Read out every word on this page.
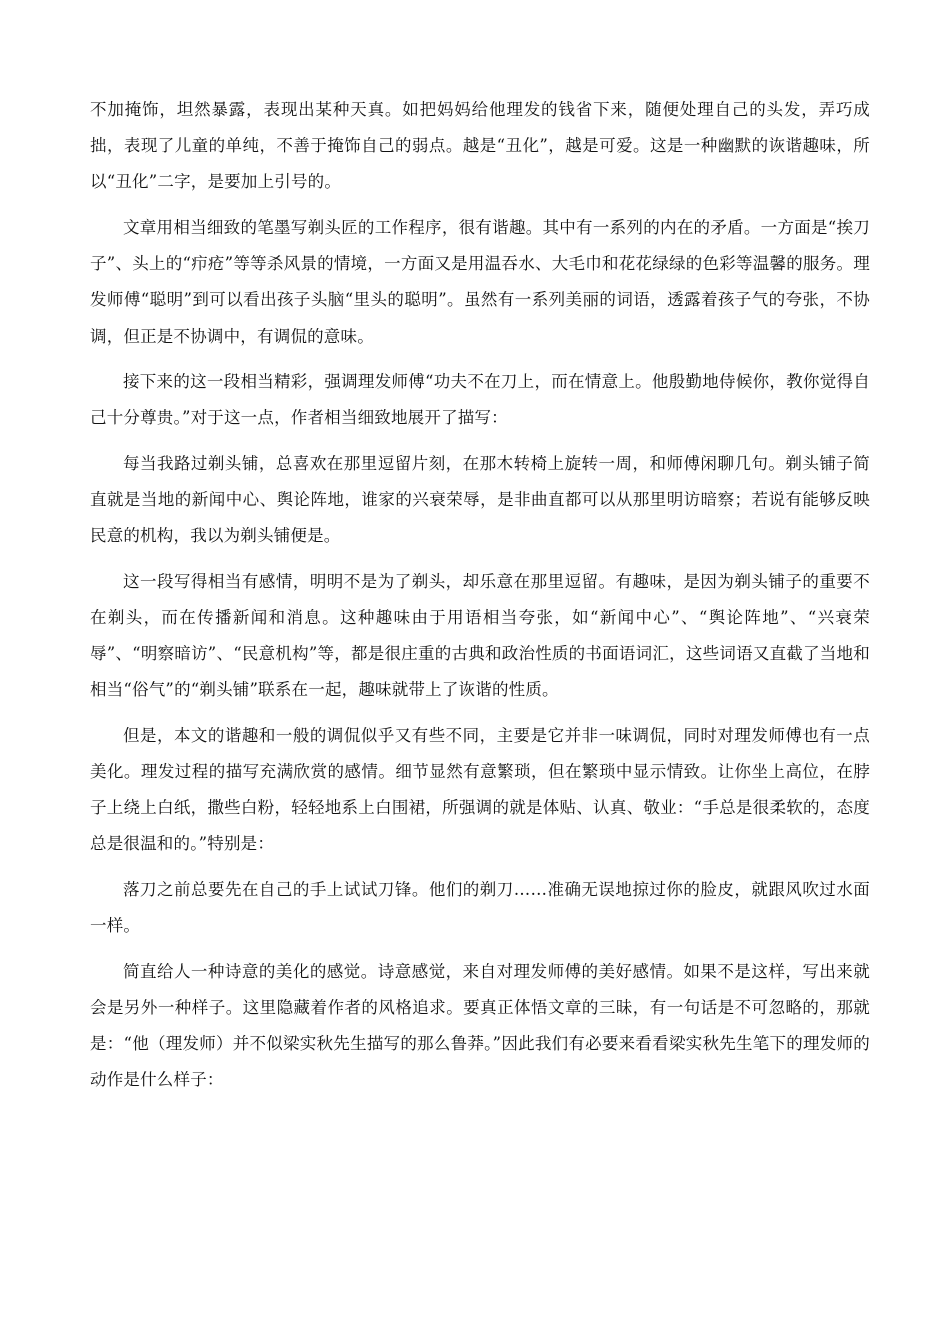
不加掩饰，坦然暴露，表现出某种天真。如把妈妈给他理发的钱省下来，随便处理自己的头发，弄巧成拙，表现了儿童的单纯，不善于掩饰自己的弱点。越是“丑化”，越是可爱。这是一种幽默的诙谐趣味，所以“丑化”二字，是要加上引号的。

文章用相当细致的笔墨写剃头匠的工作程序，很有谐趣。其中有一系列的内在的矛盾。一方面是“挨刀子”、头上的“疖疮”等等杀风景的情境，一方面又是用温吞水、大毛巾和花花绿绿的色彩等温馨的服务。理发师傅“聪明”到可以看出孩子头脑“里头的聪明”。虽然有一系列美丽的词语，透露着孩子气的夸张，不协调，但正是不协调中，有调侃的意味。

接下来的这一段相当精彩，强调理发师傅“功夫不在刀上，而在情意上。他殷勤地侍候你，教你觉得自己十分尊贵。”对于这一点，作者相当细致地展开了描写：

每当我路过剃头铺，总喜欢在那里逗留片刻，在那木转椅上旋转一周，和师傅闲聊几句。剃头铺子简直就是当地的新闻中心、舆论阵地，谁家的兴衰荣辱，是非曲直都可以从那里明访暗察；若说有能够反映民意的机构，我以为剃头铺便是。

这一段写得相当有感情，明明不是为了剃头，却乐意在那里逗留。有趣味，是因为剃头铺子的重要不在剃头，而在传播新闻和消息。这种趣味由于用语相当夸张，如“新闻中心”、“舆论阵地”、“兴衰荣辱”、“明察暗访”、“民意机构”等，都是很庄重的古典和政治性质的书面语词汇，这些词语又直截了当地和相当“俗气”的“剃头铺”联系在一起，趣味就带上了诙谐的性质。

但是，本文的谐趣和一般的调侃似乎又有些不同，主要是它并非一味调侃，同时对理发师傅也有一点美化。理发过程的描写充满欣赏的感情。细节显然有意繁琐，但在繁琐中显示情致。让你坐上高位，在脖子上绕上白纸，撒些白粉，轻轻地系上白围裙，所强调的就是体贴、认真、敬业：“手总是很柔软的，态度总是很温和的。”特别是：

落刀之前总要先在自己的手上试试刀锋。他们的剃刀……准确无误地掠过你的脸皮，就跟风吹过水面一样。

简直给人一种诗意的美化的感觉。诗意感觉，来自对理发师傅的美好感情。如果不是这样，写出来就会是另外一种样子。这里隐藏着作者的风格追求。要真正体悟文章的三昧，有一句话是不可忽略的，那就是：“他（理发师）并不似梁实秋先生描写的那么鲁莽。”因此我们有必要来看看梁实秋先生笔下的理发师的动作是什么样子：
